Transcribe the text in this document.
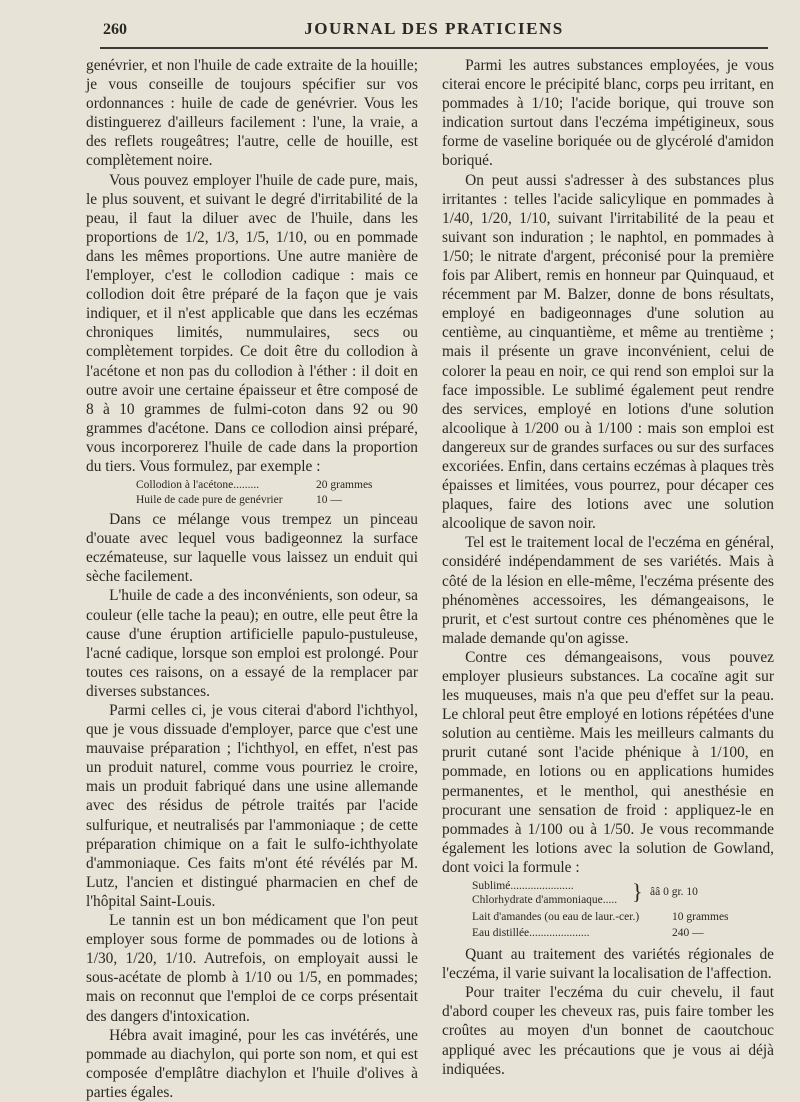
260	JOURNAL DES PRATICIENS

genévrier, et non l'huile de cade extraite de la houille; je vous conseille de toujours spécifier sur vos ordonnances : huile de cade de genévrier. Vous les distinguerez d'ailleurs facilement : l'une, la vraie, a des reflets rougeâtres; l'autre, celle de houille, est complètement noire.

Vous pouvez employer l'huile de cade pure, mais, le plus souvent, et suivant le degré d'irritabilité de la peau, il faut la diluer avec de l'huile, dans les proportions de 1/2, 1/3, 1/5, 1/10, ou en pommade dans les mêmes proportions. Une autre manière de l'employer, c'est le collodion cadique : mais ce collodion doit être préparé de la façon que je vais indiquer, et il n'est applicable que dans les eczémas chroniques limités, nummulaires, secs ou complètement torpides. Ce doit être du collodion à l'acétone et non pas du collodion à l'éther : il doit en outre avoir une certaine épaisseur et être composé de 8 à 10 grammes de fulmi-coton dans 92 ou 90 grammes d'acétone. Dans ce collodion ainsi préparé, vous incorporerez l'huile de cade dans la proportion du tiers. Vous formulez, par exemple :

Collodion à l'acétone.........	20 grammes
Huile de cade pure de genévrier	10 —

Dans ce mélange vous trempez un pinceau d'ouate avec lequel vous badigeonnez la surface eczémateuse, sur laquelle vous laissez un enduit qui sèche facilement.

L'huile de cade a des inconvénients, son odeur, sa couleur (elle tache la peau); en outre, elle peut être la cause d'une éruption artificielle papulo-pustuleuse, l'acné cadique, lorsque son emploi est prolongé. Pour toutes ces raisons, on a essayé de la remplacer par diverses substances.

Parmi celles ci, je vous citerai d'abord l'ichthyol, que je vous dissuade d'employer, parce que c'est une mauvaise préparation ; l'ichthyol, en effet, n'est pas un produit naturel, comme vous pourriez le croire, mais un produit fabriqué dans une usine allemande avec des résidus de pétrole traités par l'acide sulfurique, et neutralisés par l'ammoniaque ; de cette préparation chimique on a fait le sulfo-ichthyolate d'ammoniaque. Ces faits m'ont été révélés par M. Lutz, l'ancien et distingué pharmacien en chef de l'hôpital Saint-Louis.

Le tannin est un bon médicament que l'on peut employer sous forme de pommades ou de lotions à 1/30, 1/20, 1/10. Autrefois, on employait aussi le sous-acétate de plomb à 1/10 ou 1/5, en pommades; mais on reconnut que l'emploi de ce corps présentait des dangers d'intoxication.

Hébra avait imaginé, pour les cas invétérés, une pommade au diachylon, qui porte son nom, et qui est composée d'emplâtre diachylon et l'huile d'olives à parties égales.

Parmi les autres substances employées, je vous citerai encore le précipité blanc, corps peu irritant, en pommades à 1/10; l'acide borique, qui trouve son indication surtout dans l'eczéma impétigineux, sous forme de vaseline boriquée ou de glycérolé d'amidon boriqué.

On peut aussi s'adresser à des substances plus irritantes : telles l'acide salicylique en pommades à 1/40, 1/20, 1/10, suivant l'irritabilité de la peau et suivant son induration ; le naphtol, en pommades à 1/50; le nitrate d'argent, préconisé pour la première fois par Alibert, remis en honneur par Quinquaud, et récemment par M. Balzer, donne de bons résultats, employé en badigeonnages d'une solution au centième, au cinquantième, et même au trentième ; mais il présente un grave inconvénient, celui de colorer la peau en noir, ce qui rend son emploi sur la face impossible. Le sublimé également peut rendre des services, employé en lotions d'une solution alcoolique à 1/200 ou à 1/100 : mais son emploi est dangereux sur de grandes surfaces ou sur des surfaces excoriées. Enfin, dans certains eczémas à plaques très épaisses et limitées, vous pourrez, pour décaper ces plaques, faire des lotions avec une solution alcoolique de savon noir.

Tel est le traitement local de l'eczéma en général, considéré indépendamment de ses variétés. Mais à côté de la lésion en elle-même, l'eczéma présente des phénomènes accessoires, les démangeaisons, le prurit, et c'est surtout contre ces phénomènes que le malade demande qu'on agisse.

Contre ces démangeaisons, vous pouvez employer plusieurs substances. La cocaïne agit sur les muqueuses, mais n'a que peu d'effet sur la peau. Le chloral peut être employé en lotions répétées d'une solution au centième. Mais les meilleurs calmants du prurit cutané sont l'acide phénique à 1/100, en pommade, en lotions ou en applications humides permanentes, et le menthol, qui anesthésie en procurant une sensation de froid : appliquez-le en pommades à 1/100 ou à 1/50. Je vous recommande également les lotions avec la solution de Gowland, dont voici la formule :

Sublimé......................
Chlorhydrate d'ammoniaque..... } ââ 0 gr. 10
Lait d'amandes (ou eau de laur.-cer.)	10 grammes
Eau distillée.....................	240 —

Quant au traitement des variétés régionales de l'eczéma, il varie suivant la localisation de l'affection.

Pour traiter l'eczéma du cuir chevelu, il faut d'abord couper les cheveux ras, puis faire tomber les croûtes au moyen d'un bonnet de caoutchouc appliqué avec les précautions que je vous ai déjà indiquées.
